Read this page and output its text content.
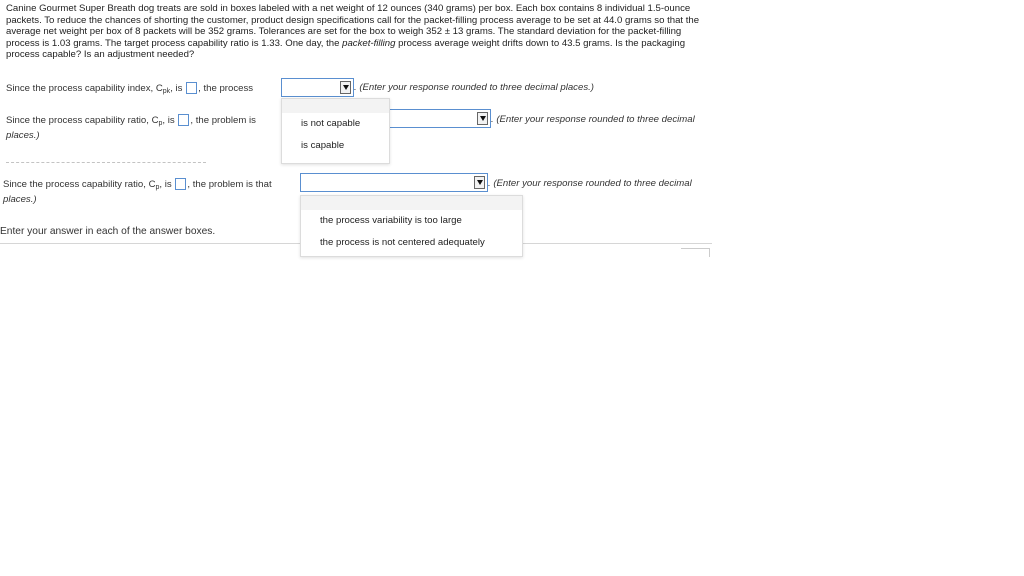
Canine Gourmet Super Breath dog treats are sold in boxes labeled with a net weight of 12 ounces (340 grams) per box. Each box contains 8 individual 1.5-ounce packets. To reduce the chances of shorting the customer, product design specifications call for the packet-filling process average to be set at 44.0 grams so that the average net weight per box of 8 packets will be 352 grams. Tolerances are set for the box to weigh 352 ± 13 grams. The standard deviation for the packet-filling process is 1.03 grams. The target process capability ratio is 1.33. One day, the packet-filling process average weight drifts down to 43.5 grams. Is the packaging process capable? Is an adjustment needed?
Since the process capability index, $C_{pk}$, is , the process	. (Enter your response rounded to three decimal places.)
Since the process capability ratio, $C_p$, is , the problem is	. (Enter your response rounded to three decimal
places.)
Since the process capability ratio, $C_p$, is , the problem is that	. (Enter your response rounded to three decimal
places.)
Enter your answer in each of the answer boxes.
is not capable
is capable
the process variability is too large
the process is not centered adequately
